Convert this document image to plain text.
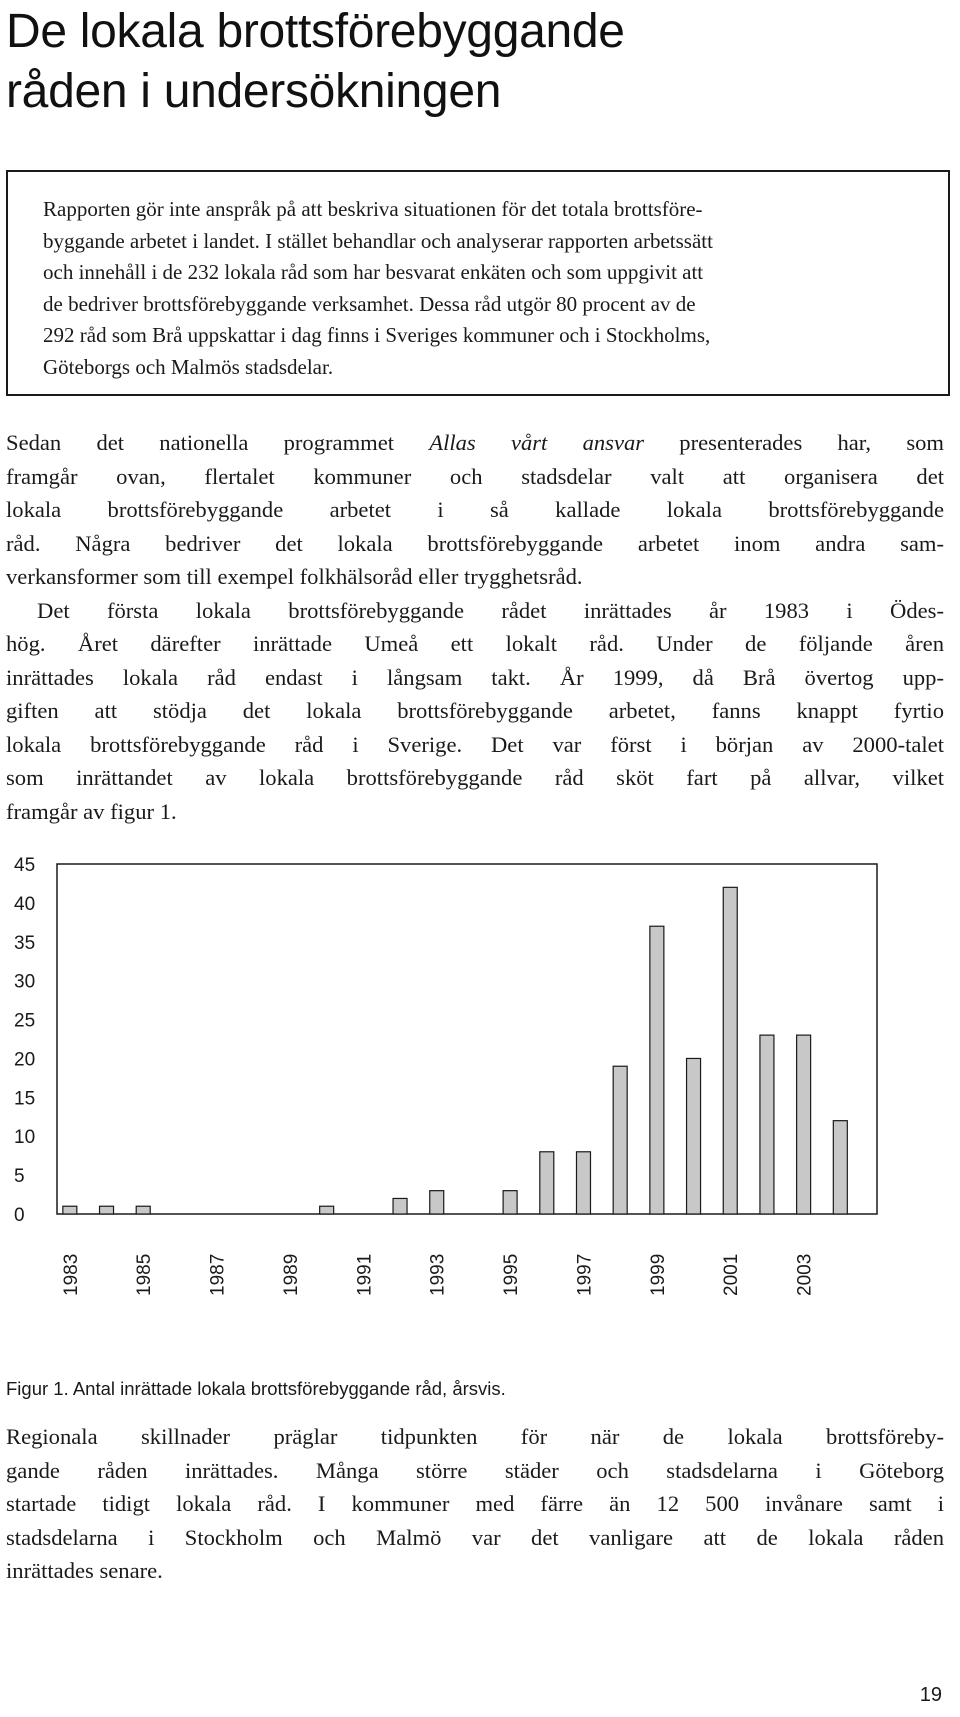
De lokala brottsförebyggande
råden i undersökningen

Rapporten gör inte anspråk på att beskriva situationen för det totala brottsföre-
byggande arbetet i landet. I stället behandlar och analyserar rapporten arbetssätt
och innehåll i de 232 lokala råd som har besvarat enkäten och som uppgivit att
de bedriver brottsförebyggande verksamhet. Dessa råd utgör 80 procent av de
292 råd som Brå uppskattar i dag finns i Sveriges kommuner och i Stockholms,
Göteborgs och Malmös stadsdelar.

Sedan det nationella programmet Allas vårt ansvar presenterades har, som
framgår ovan, flertalet kommuner och stadsdelar valt att organisera det
lokala brottsförebyggande arbetet i så kallade lokala brottsförebyggande
råd. Några bedriver det lokala brottsförebyggande arbetet inom andra sam-
verkansformer som till exempel folkhälsoråd eller trygghetsråd.
Det första lokala brottsförebyggande rådet inrättades år 1983 i Ödes-
hög. Året därefter inrättade Umeå ett lokalt råd. Under de följande åren
inrättades lokala råd endast i långsam takt. År 1999, då Brå övertog upp-
giften att stödja det lokala brottsförebyggande arbetet, fanns knappt fyrtio
lokala brottsförebyggande råd i Sverige. Det var först i början av 2000-talet
som inrättandet av lokala brottsförebyggande råd sköt fart på allvar, vilket
framgår av figur 1.
0
5
10
15
20
25
30
35
40
45
1983	1985	1987	1989	1991	1993	1995	1997	1999	2001	2003

Figur 1. Antal inrättade lokala brottsförebyggande råd, årsvis.

Regionala skillnader präglar tidpunkten för när de lokala brottsföreby-
gande råden inrättades. Många större städer och stadsdelarna i Göteborg
startade tidigt lokala råd. I kommuner med färre än 12 500 invånare samt i
stadsdelarna i Stockholm och Malmö var det vanligare att de lokala råden
inrättades senare.
19
